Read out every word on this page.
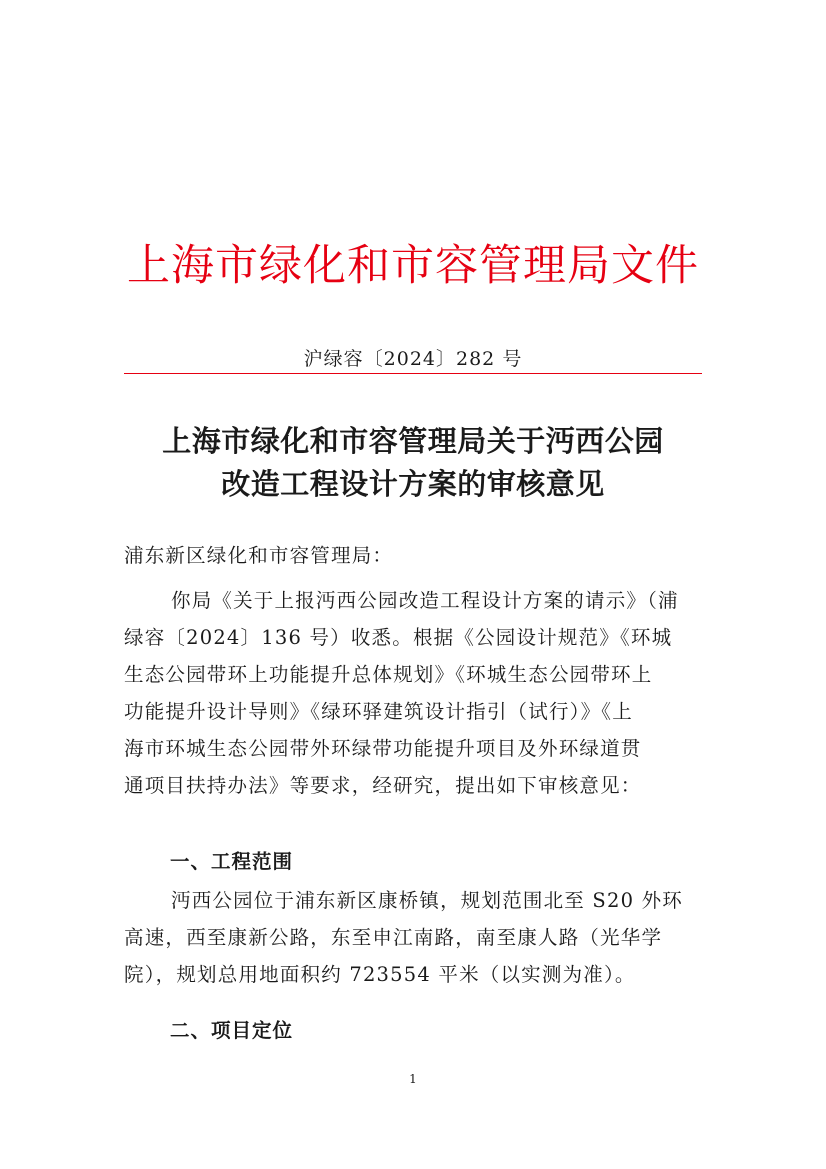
上海市绿化和市容管理局文件
沪绿容〔2024〕282 号
上海市绿化和市容管理局关于沔西公园
改造工程设计方案的审核意见
浦东新区绿化和市容管理局：
你局《关于上报沔西公园改造工程设计方案的请示》（浦
绿容〔2024〕136 号）收悉。根据《公园设计规范》《环城
生态公园带环上功能提升总体规划》《环城生态公园带环上
功能提升设计导则》《绿环驿建筑设计指引（试行）》《上
海市环城生态公园带外环绿带功能提升项目及外环绿道贯
通项目扶持办法》等要求，经研究，提出如下审核意见：
一、工程范围
沔西公园位于浦东新区康桥镇，规划范围北至 S20 外环
高速，西至康新公路，东至申江南路，南至康人路（光华学
院），规划总用地面积约 723554 平米（以实测为准）。
二、项目定位
1
